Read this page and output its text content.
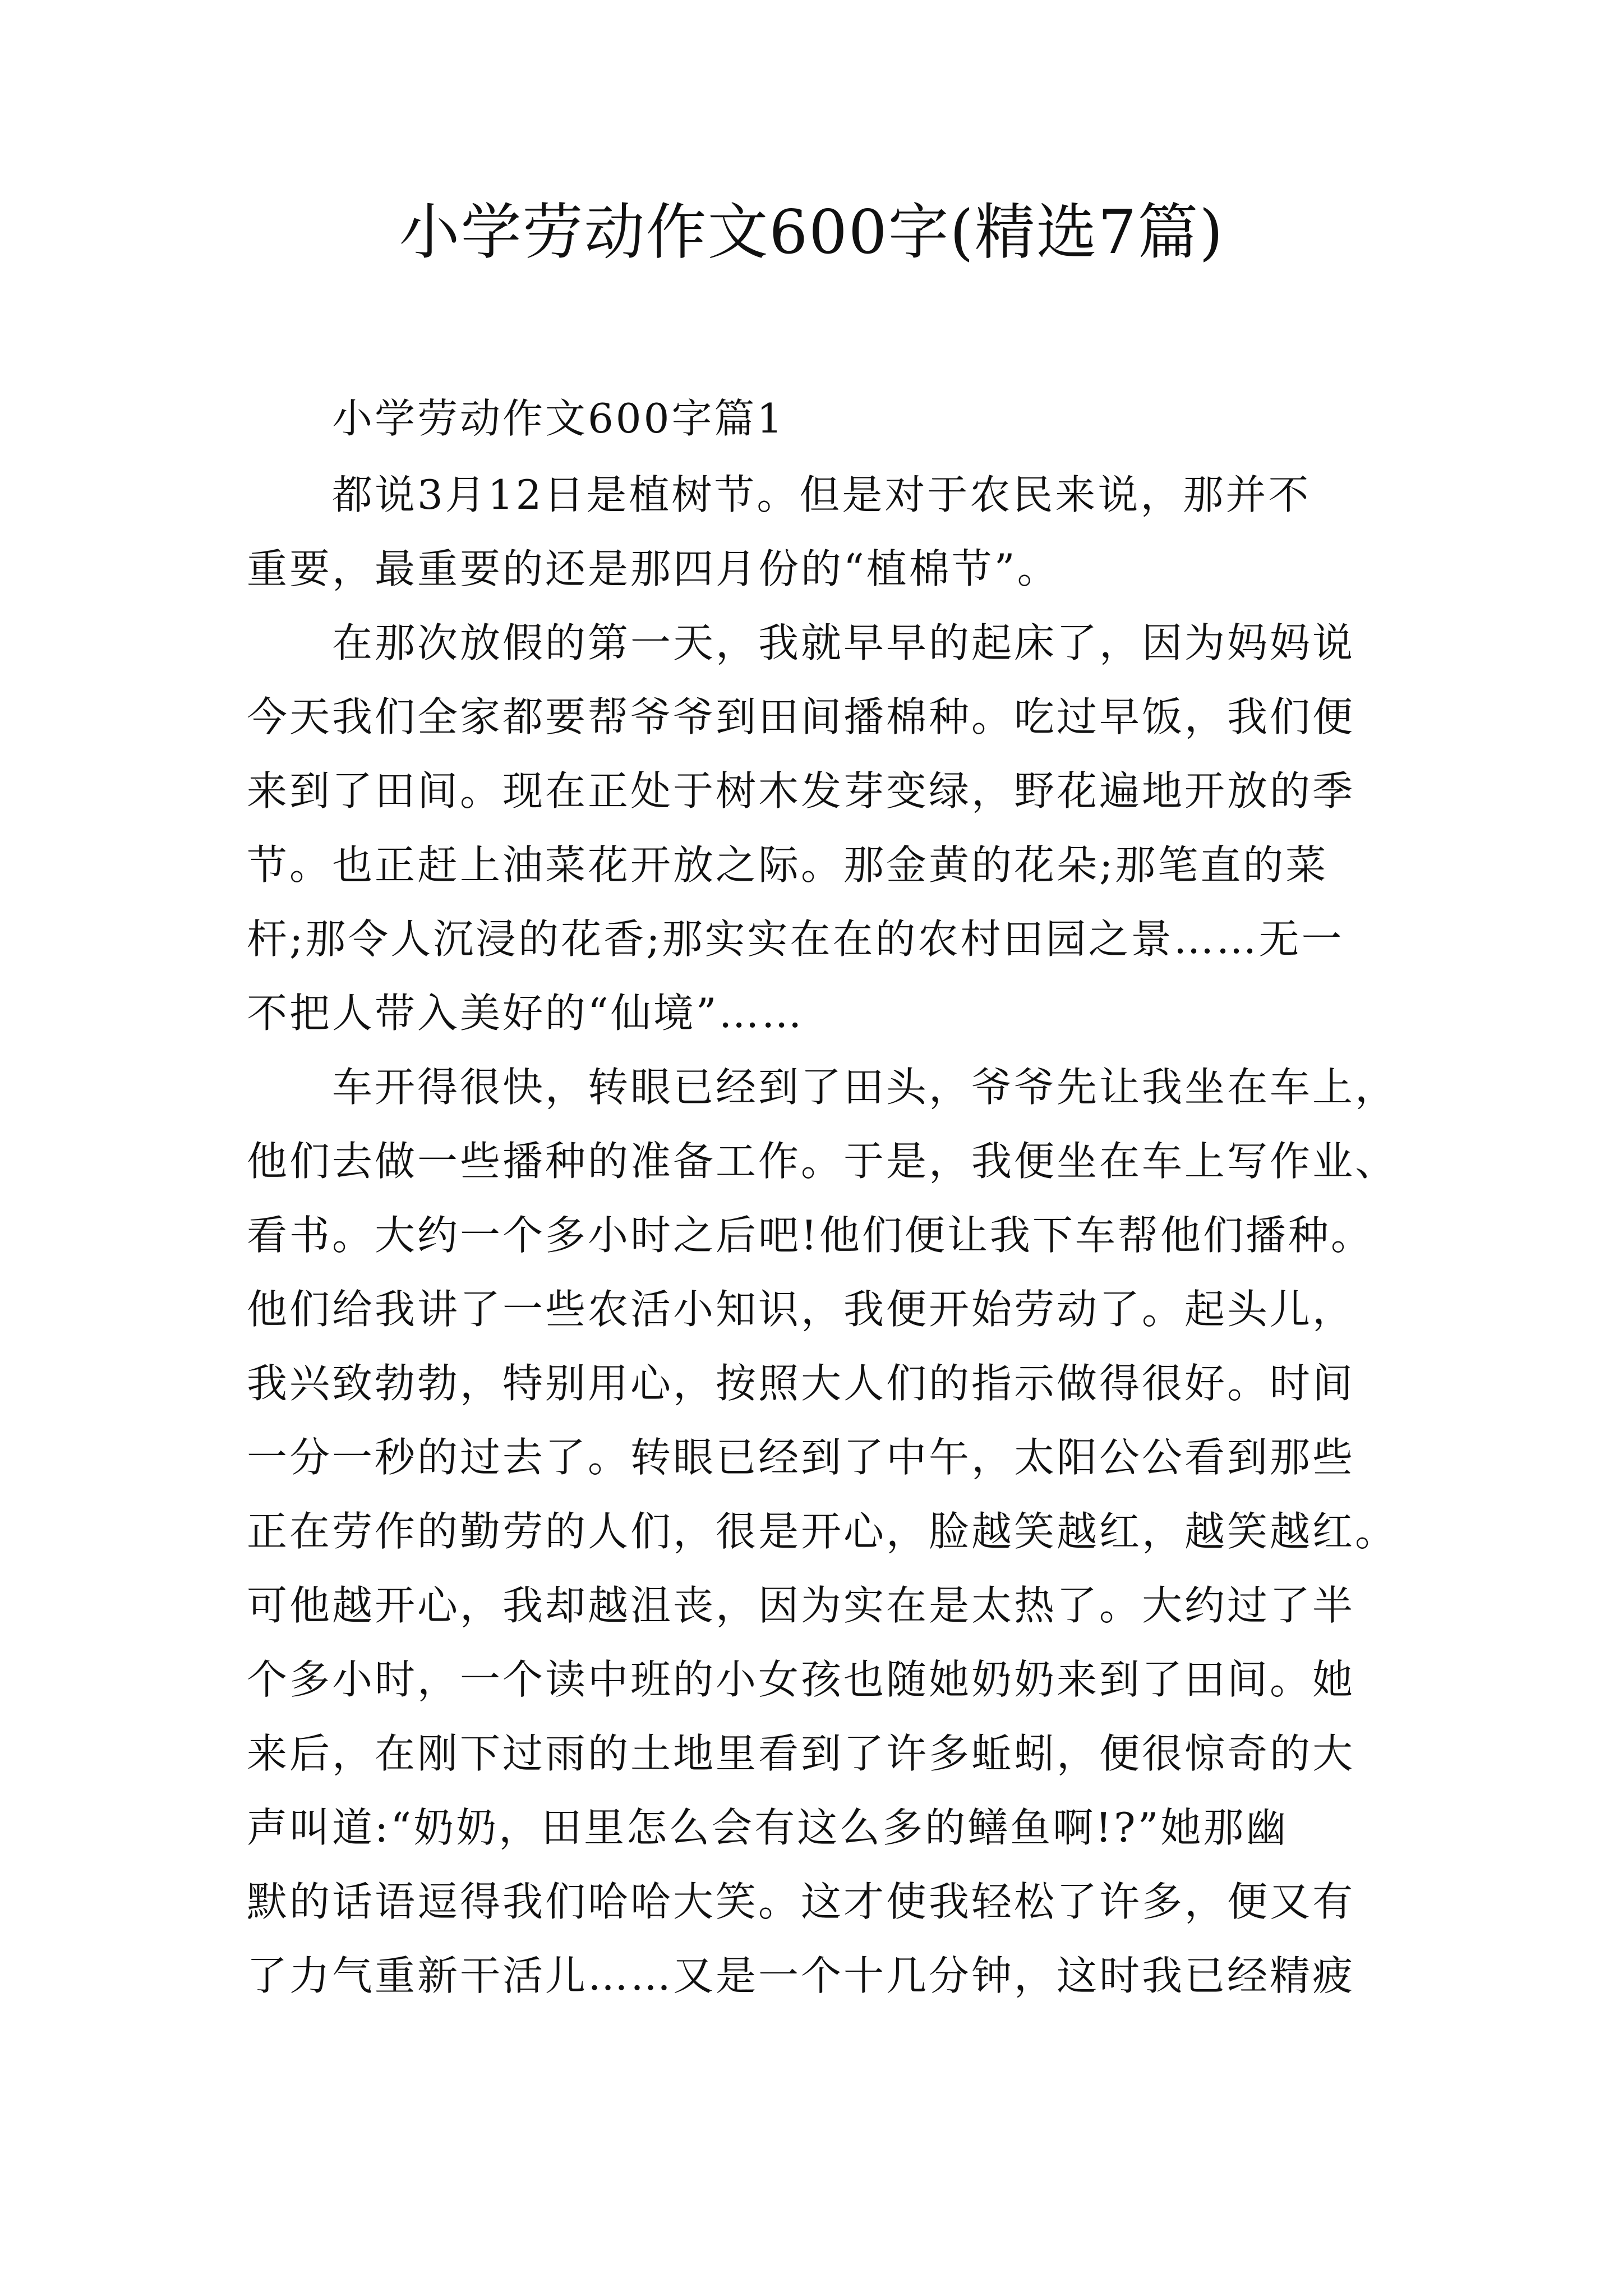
小学劳动作文600字(精选7篇)
小学劳动作文600字篇1
都说3月12日是植树节。但是对于农民来说，那并不
重要，最重要的还是那四月份的“植棉节”。
在那次放假的第一天，我就早早的起床了，因为妈妈说
今天我们全家都要帮爷爷到田间播棉种。吃过早饭，我们便
来到了田间。现在正处于树木发芽变绿，野花遍地开放的季
节。也正赶上油菜花开放之际。那金黄的花朵;那笔直的菜
杆;那令人沉浸的花香;那实实在在的农村田园之景……无一
不把人带入美好的“仙境”……
车开得很快，转眼已经到了田头，爷爷先让我坐在车上，
他们去做一些播种的准备工作。于是，我便坐在车上写作业、
看书。大约一个多小时之后吧!他们便让我下车帮他们播种。
他们给我讲了一些农活小知识，我便开始劳动了。起头儿，
我兴致勃勃，特别用心，按照大人们的指示做得很好。时间
一分一秒的过去了。转眼已经到了中午，太阳公公看到那些
正在劳作的勤劳的人们，很是开心，脸越笑越红，越笑越红。
可他越开心，我却越沮丧，因为实在是太热了。大约过了半
个多小时，一个读中班的小女孩也随她奶奶来到了田间。她
来后，在刚下过雨的土地里看到了许多蚯蚓，便很惊奇的大
声叫道:“奶奶，田里怎么会有这么多的鳝鱼啊!?”她那幽
默的话语逗得我们哈哈大笑。这才使我轻松了许多，便又有
了力气重新干活儿……又是一个十几分钟，这时我已经精疲
